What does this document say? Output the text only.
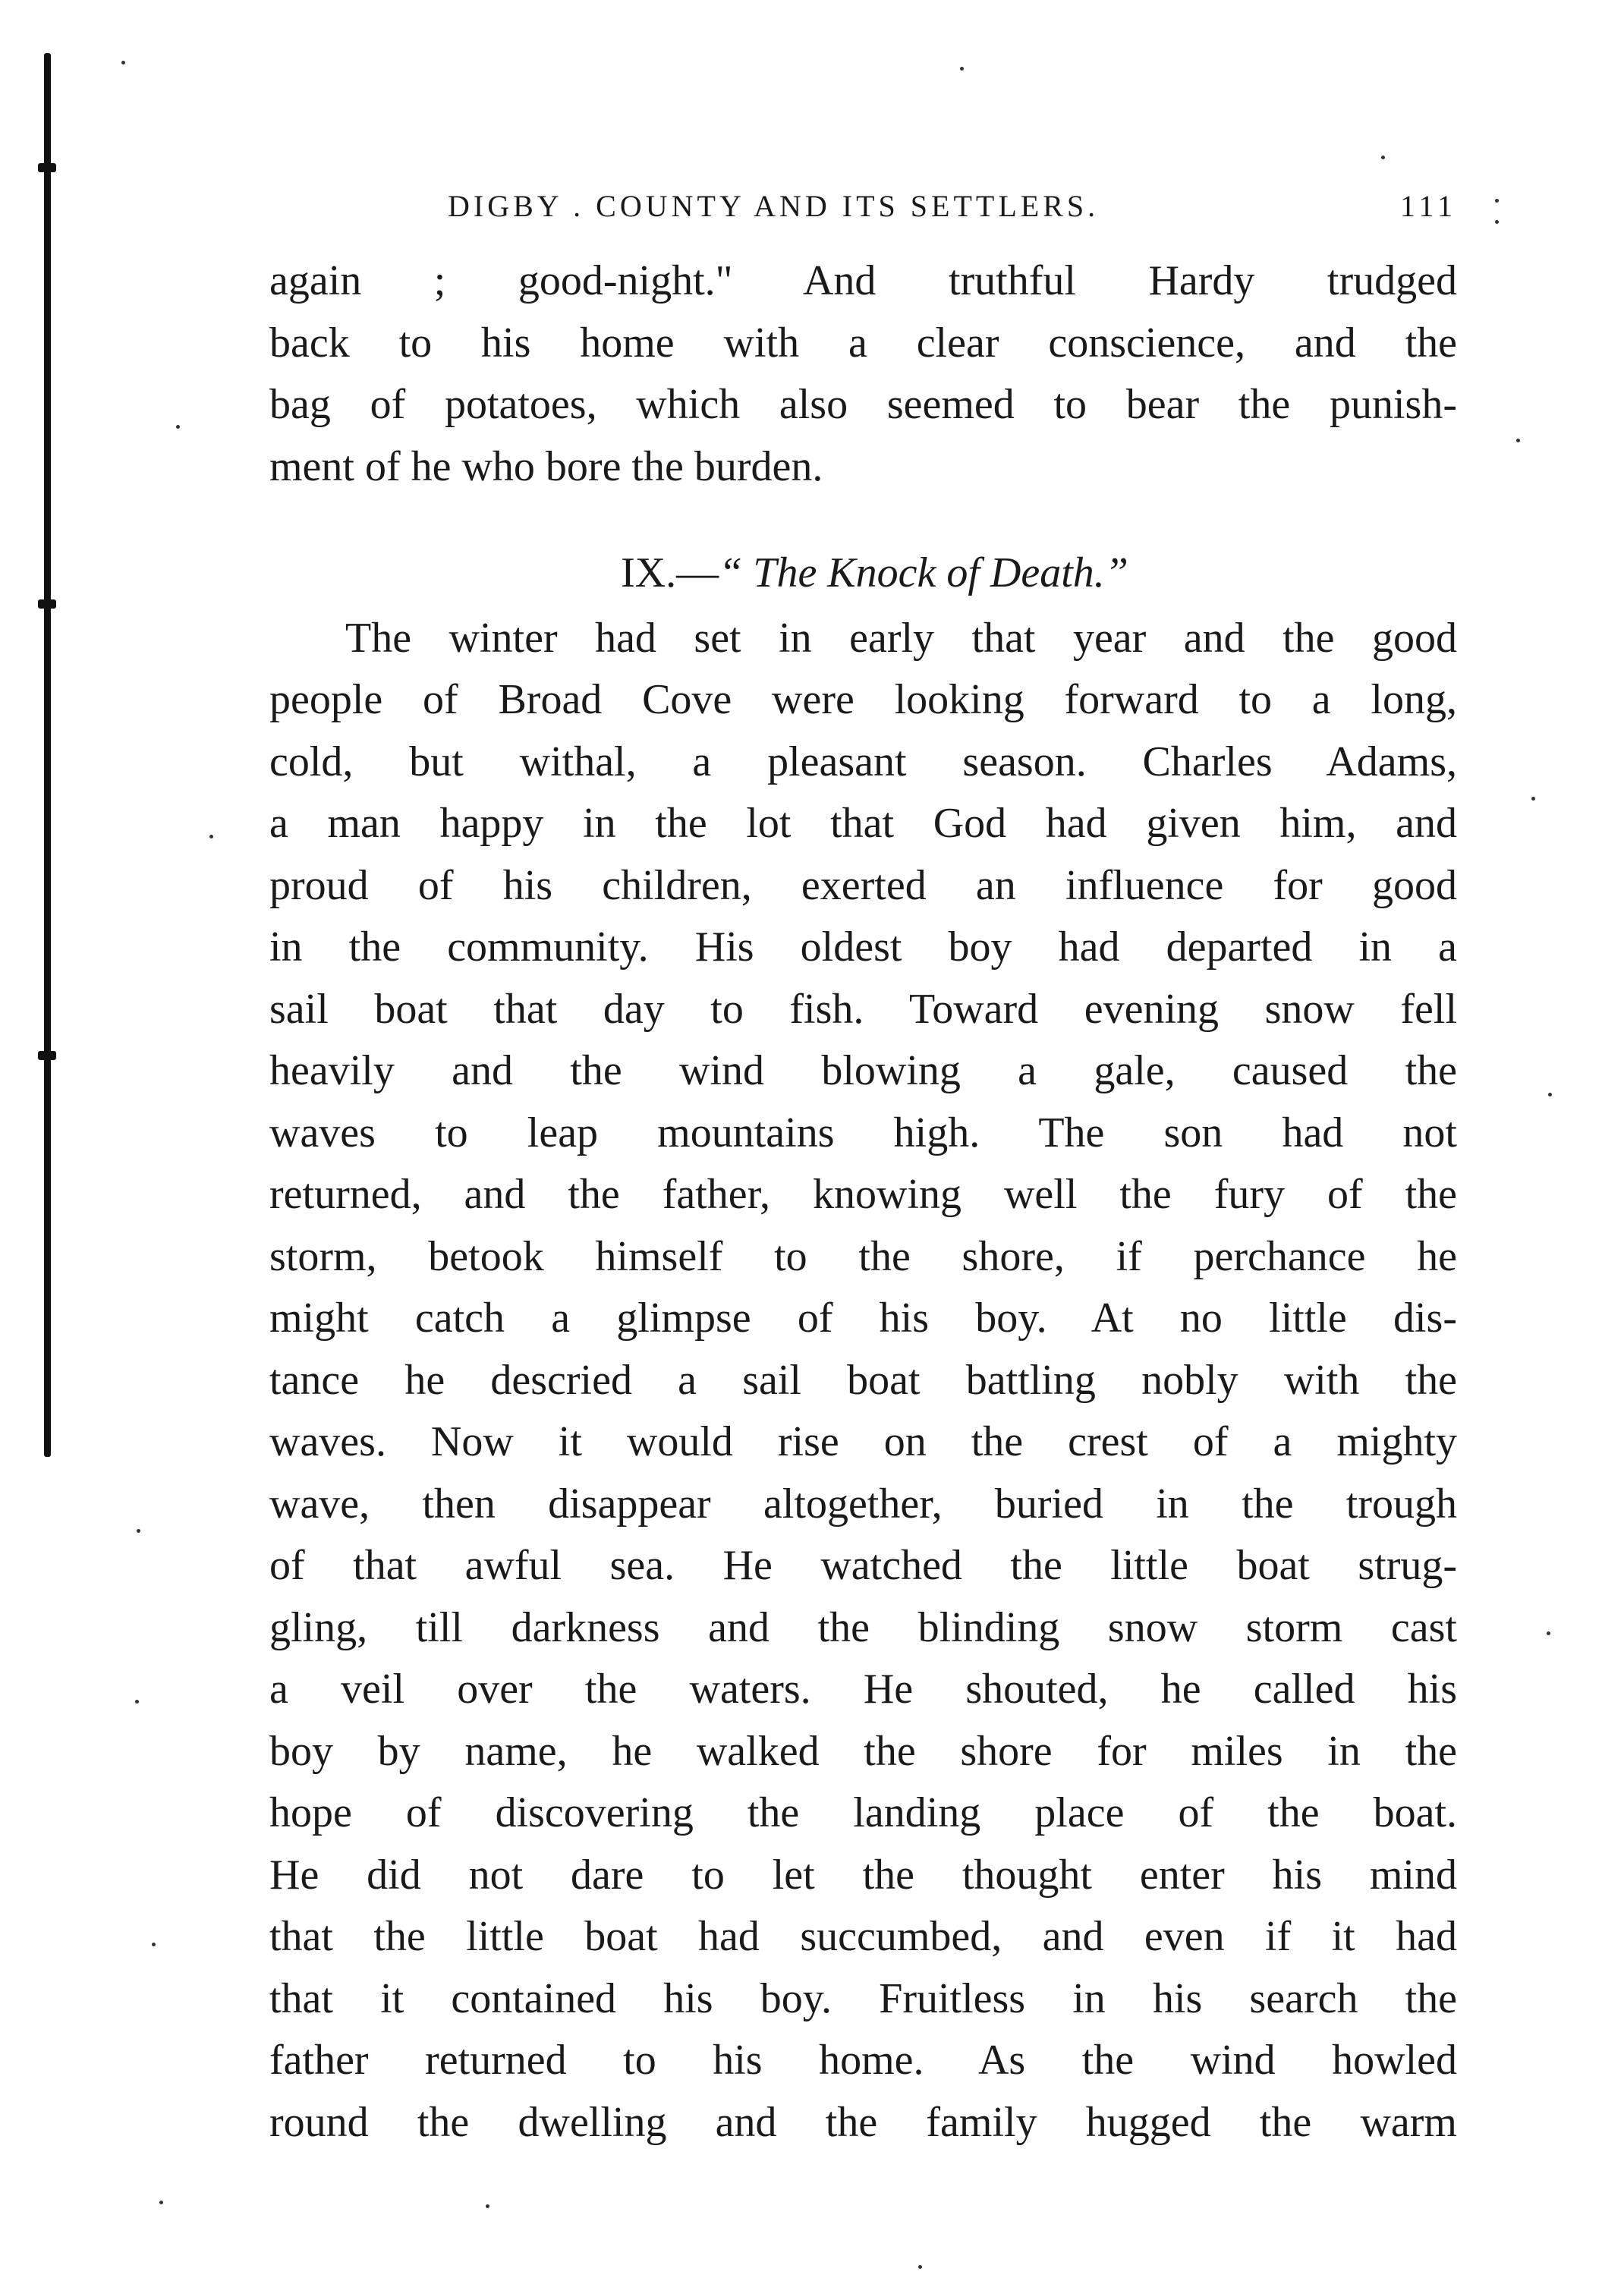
DIGBY . COUNTY AND ITS SETTLERS.	111
again ; good-night." And truthful Hardy trudged
back to his home with a clear conscience, and the
bag of potatoes, which also seemed to bear the punish-
ment of he who bore the burden.
IX.—“ The Knock of Death.”
The winter had set in early that year and the good
people of Broad Cove were looking forward to a long,
cold, but withal, a pleasant season. Charles Adams,
a man happy in the lot that God had given him, and
proud of his children, exerted an influence for good
in the community. His oldest boy had departed in a
sail boat that day to fish. Toward evening snow fell
heavily and the wind blowing a gale, caused the
waves to leap mountains high. The son had not
returned, and the father, knowing well the fury of the
storm, betook himself to the shore, if perchance he
might catch a glimpse of his boy. At no little dis-
tance he descried a sail boat battling nobly with the
waves. Now it would rise on the crest of a mighty
wave, then disappear altogether, buried in the trough
of that awful sea. He watched the little boat strug-
gling, till darkness and the blinding snow storm cast
a veil over the waters. He shouted, he called his
boy by name, he walked the shore for miles in the
hope of discovering the landing place of the boat.
He did not dare to let the thought enter his mind
that the little boat had succumbed, and even if it had
that it contained his boy. Fruitless in his search the
father returned to his home. As the wind howled
round the dwelling and the family hugged the warm
